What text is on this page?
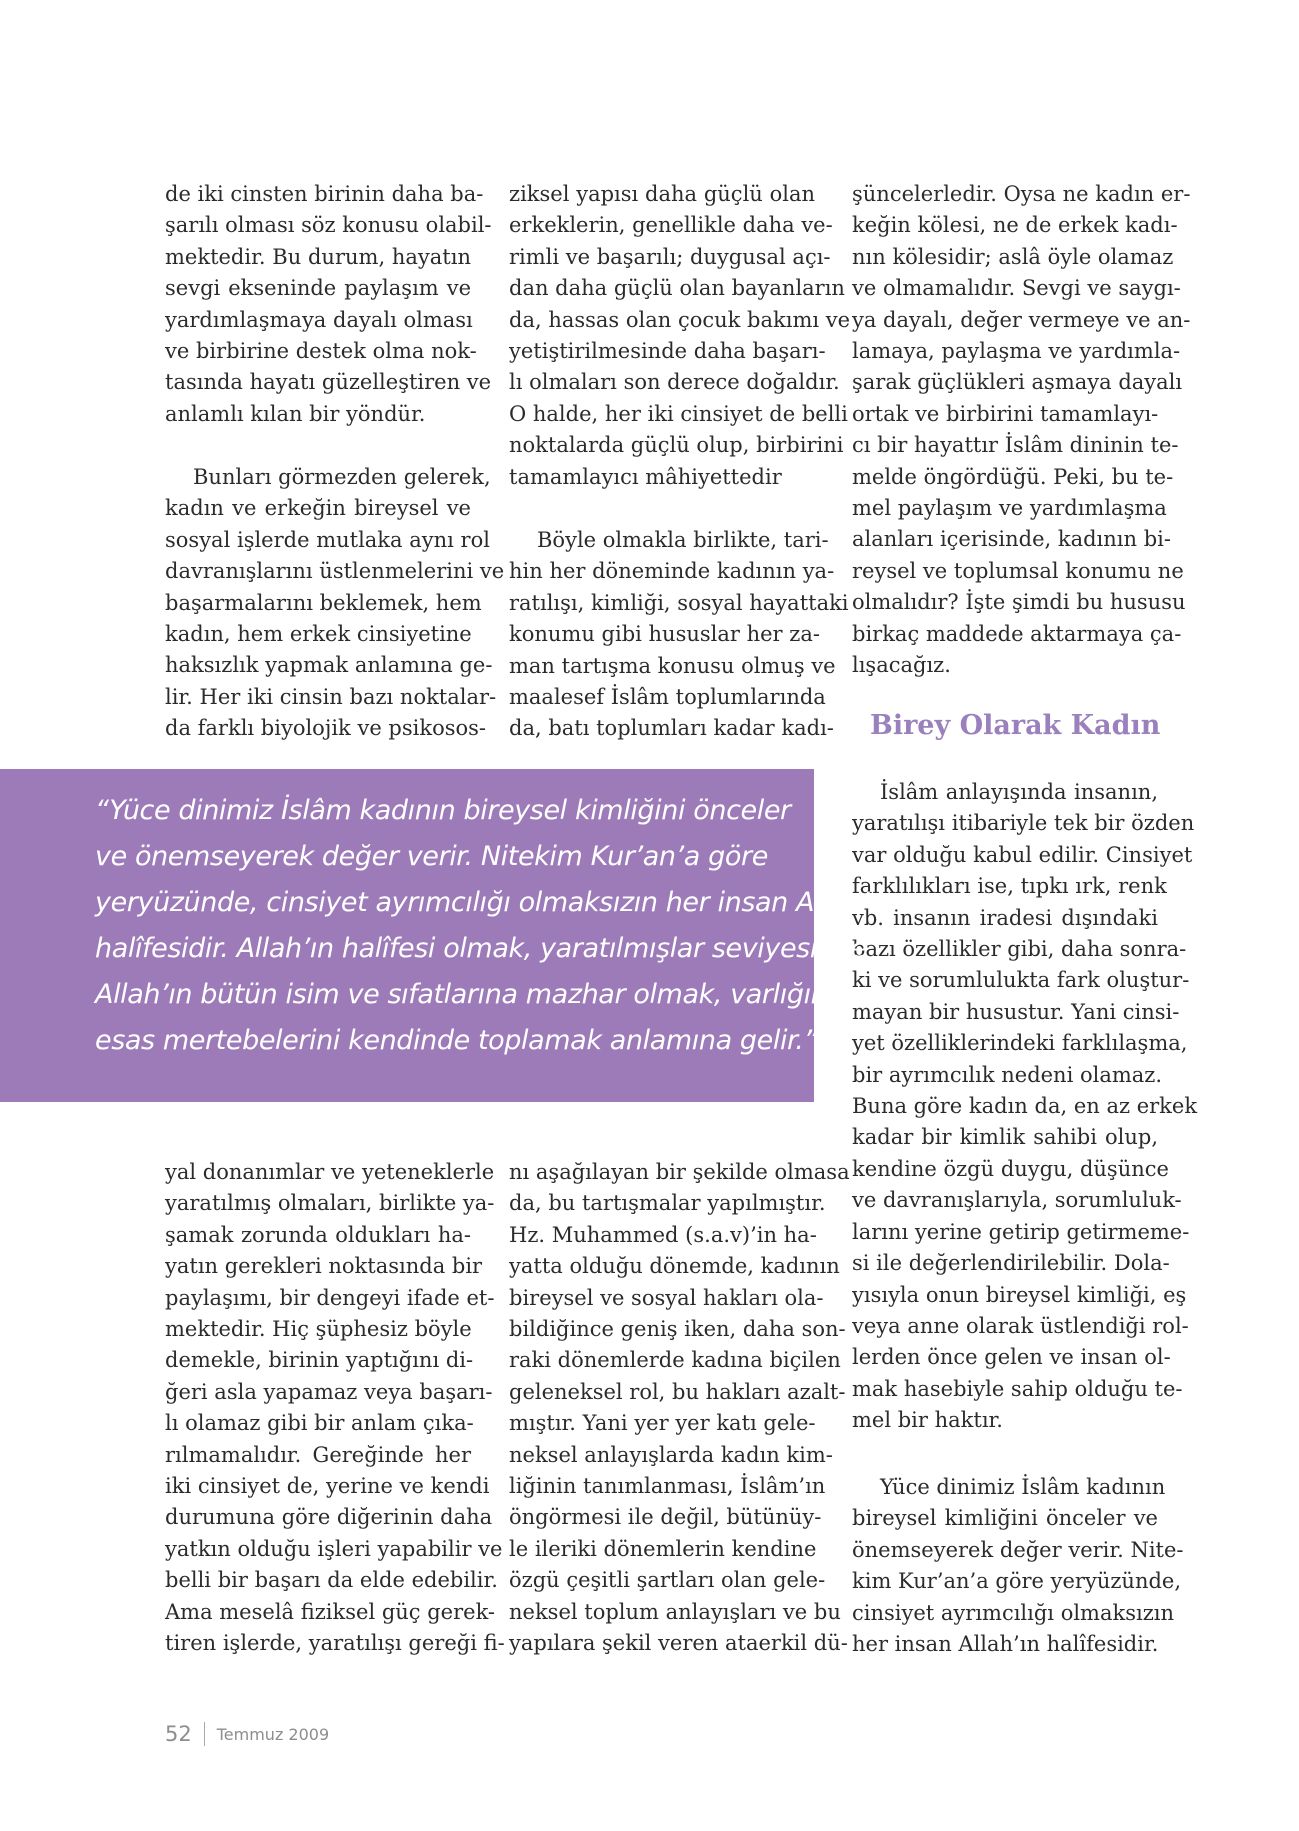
de iki cinsten birinin daha ba-
şarılı olması söz konusu olabil-
mektedir. Bu durum, hayatın
sevgi ekseninde paylaşım ve
yardımlaşmaya dayalı olması
ve birbirine destek olma nok-
tasında hayatı güzelleştiren ve
anlamlı kılan bir yöndür.
Bunları görmezden gelerek,
kadın ve erkeğin bireysel ve
sosyal işlerde mutlaka aynı rol
davranışlarını üstlenmelerini ve
başarmalarını beklemek, hem
kadın, hem erkek cinsiyetine
haksızlık yapmak anlamına ge-
lir. Her iki cinsin bazı noktalar-
da farklı biyolojik ve psikosos-
yal donanımlar ve yeteneklerle
yaratılmış olmaları, birlikte ya-
şamak zorunda oldukları ha-
yatın gerekleri noktasında bir
paylaşımı, bir dengeyi ifade et-
mektedir. Hiç şüphesiz böyle
demekle, birinin yaptığını di-
ğeri asla yapamaz veya başarı-
lı olamaz gibi bir anlam çıka-
rılmamalıdır. Gereğinde her
iki cinsiyet de, yerine ve kendi
durumuna göre diğerinin daha
yatkın olduğu işleri yapabilir ve
belli bir başarı da elde edebilir.
Ama meselâ fiziksel güç gerek-
tiren işlerde, yaratılışı gereği fi-
ziksel yapısı daha güçlü olan
erkeklerin, genellikle daha ve-
rimli ve başarılı; duygusal açı-
dan daha güçlü olan bayanların
da, hassas olan çocuk bakımı ve
yetiştirilmesinde daha başarı-
lı olmaları son derece doğaldır.
O halde, her iki cinsiyet de belli
noktalarda güçlü olup, birbirini
tamamlayıcı mâhiyettedir
Böyle olmakla birlikte, tari-
hin her döneminde kadının ya-
ratılışı, kimliği, sosyal hayattaki
konumu gibi hususlar her za-
man tartışma konusu olmuş ve
maalesef İslâm toplumlarında
da, batı toplumları kadar kadı-
nı aşağılayan bir şekilde olmasa
da, bu tartışmalar yapılmıştır.
Hz. Muhammed (s.a.v)’in ha-
yatta olduğu dönemde, kadının
bireysel ve sosyal hakları ola-
bildiğince geniş iken, daha son-
raki dönemlerde kadına biçilen
geleneksel rol, bu hakları azalt-
mıştır. Yani yer yer katı gele-
neksel anlayışlarda kadın kim-
liğinin tanımlanması, İslâm’ın
öngörmesi ile değil, bütünüy-
le ileriki dönemlerin kendine
özgü çeşitli şartları olan gele-
neksel toplum anlayışları ve bu
yapılara şekil veren ataerkil dü-
şüncelerledir. Oysa ne kadın er-
keğin kölesi, ne de erkek kadı-
nın kölesidir; aslâ öyle olamaz
ve olmamalıdır. Sevgi ve saygı-
ya dayalı, değer vermeye ve an-
lamaya, paylaşma ve yardımla-
şarak güçlükleri aşmaya dayalı
ortak ve birbirini tamamlayı-
cı bir hayattır İslâm dininin te-
melde öngördüğü. Peki, bu te-
mel paylaşım ve yardımlaşma
alanları içerisinde, kadının bi-
reysel ve toplumsal konumu ne
olmalıdır? İşte şimdi bu hususu
birkaç maddede aktarmaya ça-
lışacağız.
Birey Olarak Kadın
İslâm anlayışında insanın,
yaratılışı itibariyle tek bir özden
var olduğu kabul edilir. Cinsiyet
farklılıkları ise, tıpkı ırk, renk
vb. insanın iradesi dışındaki
bazı özellikler gibi, daha sonra-
ki ve sorumlulukta fark oluştur-
mayan bir husustur. Yani cinsi-
yet özelliklerindeki farklılaşma,
bir ayrımcılık nedeni olamaz.
Buna göre kadın da, en az erkek
kadar bir kimlik sahibi olup,
kendine özgü duygu, düşünce
ve davranışlarıyla, sorumluluk-
larını yerine getirip getirmeme-
si ile değerlendirilebilir. Dola-
yısıyla onun bireysel kimliği, eş
veya anne olarak üstlendiği rol-
lerden önce gelen ve insan ol-
mak hasebiyle sahip olduğu te-
mel bir haktır.
Yüce dinimiz İslâm kadının
bireysel kimliğini önceler ve
önemseyerek değer verir. Nite-
kim Kur’an’a göre yeryüzünde,
cinsiyet ayrımcılığı olmaksızın
her insan Allah’ın halîfesidir.
“Yüce dinimiz İslâm kadının bireysel kimliğini önceler
ve önemseyerek değer verir. Nitekim Kur’an’a göre
yeryüzünde, cinsiyet ayrımcılığı olmaksızın her insan Allah’ın
halîfesidir. Allah’ın halîfesi olmak, yaratılmışlar seviyesinde
Allah’ın bütün isim ve sıfatlarına mazhar olmak, varlığın
esas mertebelerini kendinde toplamak anlamına gelir.”
52 Temmuz 2009
